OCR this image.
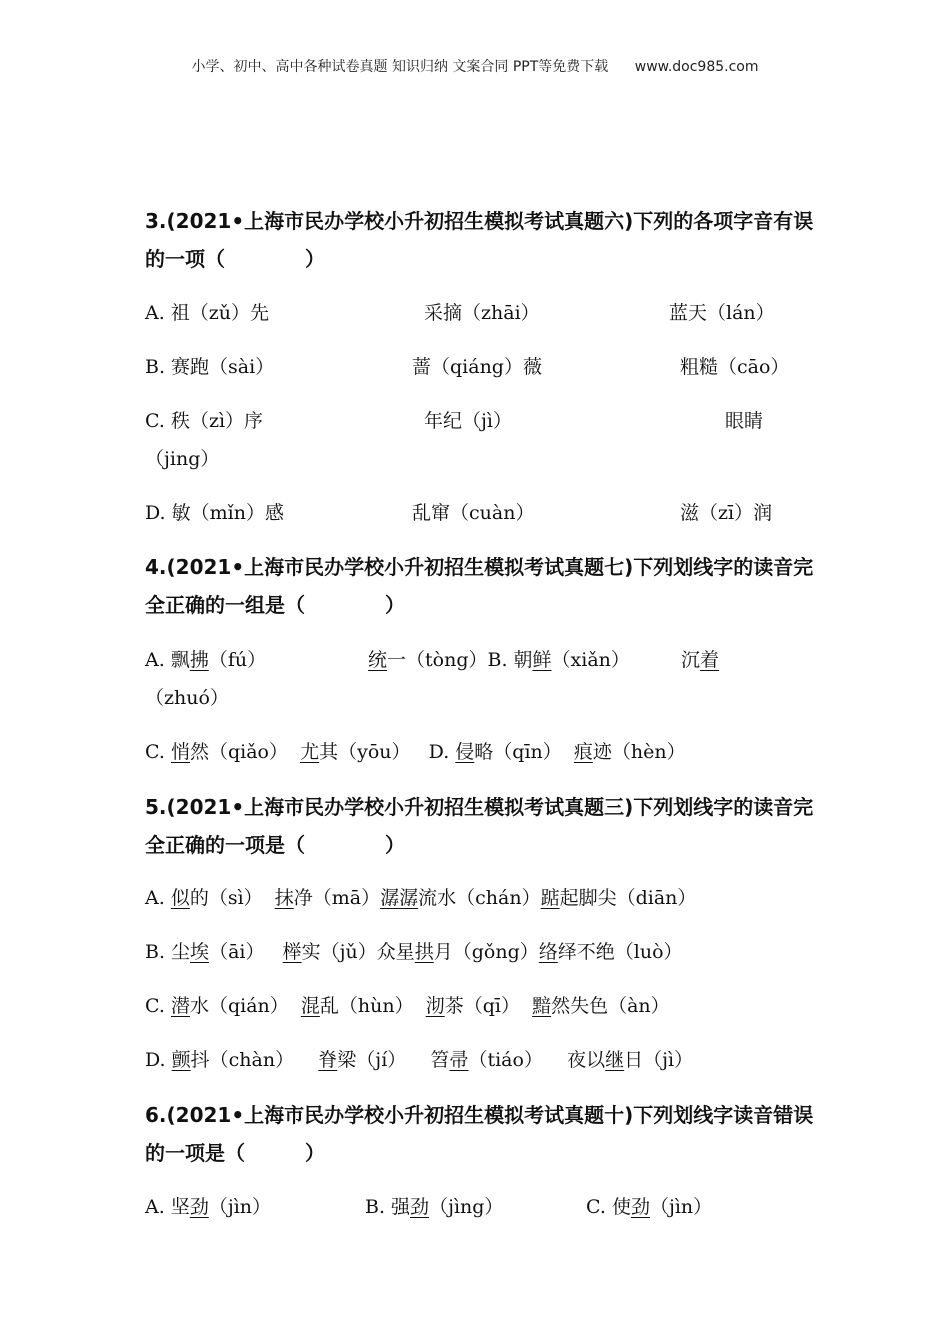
小学、初中、高中各种试卷真题 知识归纳 文案合同 PPT等免费下载 www.doc985.com
3.(2021•上海市民办学校小升初招生模拟考试真题六)下列的各项字音有误的一项（　　　　）
A. 祖（zǔ）先	采摘（zhāi）	蓝天（lán）
B. 赛跑（sài）	蔷（qiáng）薇	粗糙（cāo）
C. 秩（zì）序	年纪（jì）	眼睛
（jing）
D. 敏（mǐn）感	乱窜（cuàn）	滋（zī）润
4.(2021•上海市民办学校小升初招生模拟考试真题七)下列划线字的读音完全正确的一组是（　　　　）
A. 飘拂（fú）	统一（tòng）B. 朝鲜（xiǎn）	沉着
（zhuó）
C. 悄然（qiǎo） 尤其（yōu） D. 侵略（qīn） 痕迹（hèn）
5.(2021•上海市民办学校小升初招生模拟考试真题三)下列划线字的读音完全正确的一项是（　　　　）
A. 似的（sì） 抹净（mā）潺潺流水（chán）踮起脚尖（diān）
B. 尘埃（āi） 榉实（jǔ）众星拱月（gǒng）络绎不绝（luò）
C. 潜水（qián） 混乱（hùn） 沏茶（qī） 黯然失色（àn）
D. 颤抖（chàn） 脊梁（jí） 笤帚（tiáo） 夜以继日（jì）
6.(2021•上海市民办学校小升初招生模拟考试真题十)下列划线字读音错误的一项是（　　　）
A. 坚劲（jìn）	B. 强劲（jìng）	C. 使劲（jìn）
